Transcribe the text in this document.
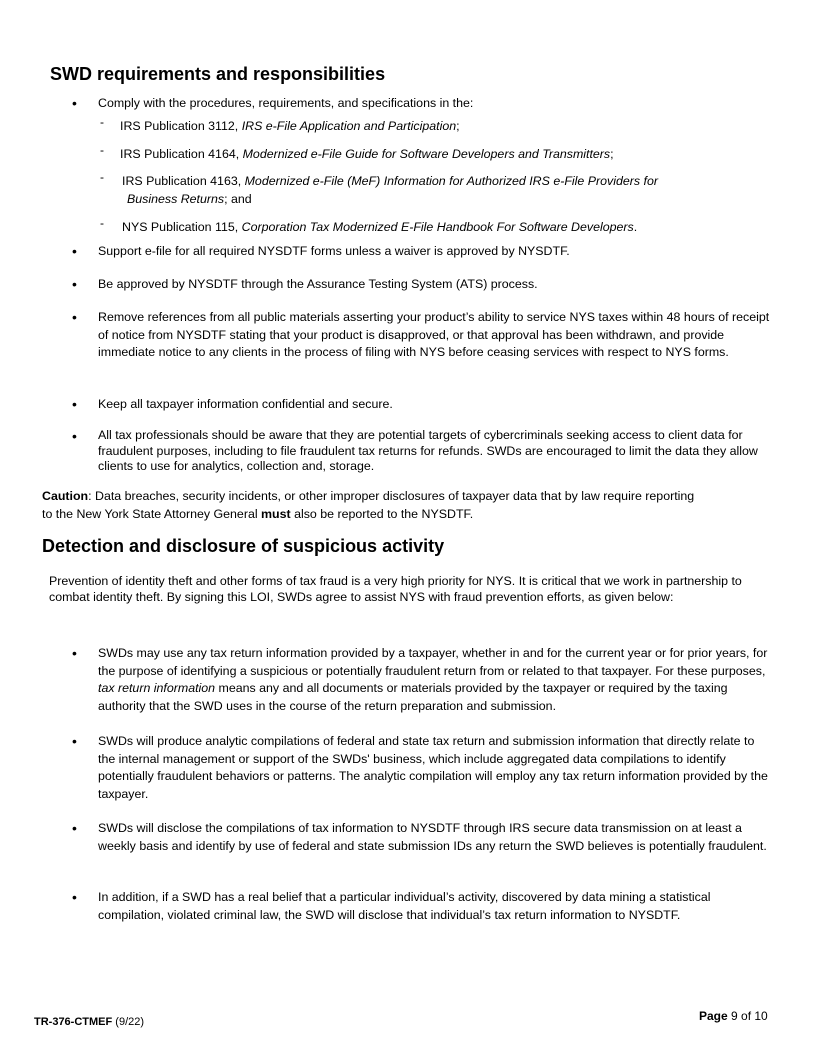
SWD requirements and responsibilities
• Comply with the procedures, requirements, and specifications in the:
- IRS Publication 3112, IRS e-File Application and Participation;
- IRS Publication 4164, Modernized e-File Guide for Software Developers and Transmitters;
- IRS Publication 4163, Modernized e-File (MeF) Information for Authorized IRS e-File Providers for
Business Returns; and
- NYS Publication 115, Corporation Tax Modernized E-File Handbook For Software Developers.
• Support e-file for all required NYSDTF forms unless a waiver is approved by NYSDTF.
• Be approved by NYSDTF through the Assurance Testing System (ATS) process.
• Remove references from all public materials asserting your product’s ability to service NYS taxes within 48 hours of receipt of notice from NYSDTF stating that your product is disapproved, or that approval has been withdrawn, and provide immediate notice to any clients in the process of filing with NYS before ceasing services with respect to NYS forms.
• Keep all taxpayer information confidential and secure.
• All tax professionals should be aware that they are potential targets of cybercriminals seeking access to client data for fraudulent purposes, including to file fraudulent tax returns for refunds. SWDs are encouraged to limit the data they allow clients to use for analytics, collection and, storage.
Caution: Data breaches, security incidents, or other improper disclosures of taxpayer data that by law require reporting
to the New York State Attorney General must also be reported to the NYSDTF.
Detection and disclosure of suspicious activity
Prevention of identity theft and other forms of tax fraud is a very high priority for NYS. It is critical that we work in partnership to combat identity theft. By signing this LOI, SWDs agree to assist NYS with fraud prevention efforts, as given below:
• SWDs may use any tax return information provided by a taxpayer, whether in and for the current year or for prior years, for the purpose of identifying a suspicious or potentially fraudulent return from or related to that taxpayer. For these purposes, tax return information means any and all documents or materials provided by the taxpayer or required by the taxing authority that the SWD uses in the course of the return preparation and submission.
• SWDs will produce analytic compilations of federal and state tax return and submission information that directly relate to the internal management or support of the SWDs' business, which include aggregated data compilations to identify potentially fraudulent behaviors or patterns. The analytic compilation will employ any tax return information provided by the taxpayer.
• SWDs will disclose the compilations of tax information to NYSDTF through IRS secure data transmission on at least a weekly basis and identify by use of federal and state submission IDs any return the SWD believes is potentially fraudulent.
• In addition, if a SWD has a real belief that a particular individual’s activity, discovered by data mining a statistical compilation, violated criminal law, the SWD will disclose that individual’s tax return information to NYSDTF.
TR-376-CTMEF (9/22)	Page 9 of 10
